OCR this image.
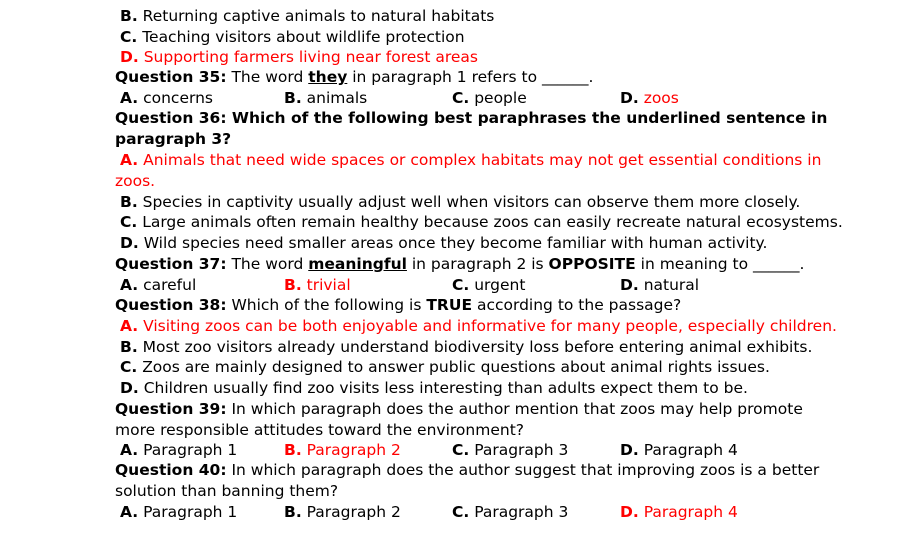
B. Returning captive animals to natural habitats
C. Teaching visitors about wildlife protection
D. Supporting farmers living near forest areas
Question 35: The word they in paragraph 1 refers to ______.
A. concerns	B. animals	C. people	D. zoos
Question 36: Which of the following best paraphrases the underlined sentence in
paragraph 3?
A. Animals that need wide spaces or complex habitats may not get essential conditions in
zoos.
B. Species in captivity usually adjust well when visitors can observe them more closely.
C. Large animals often remain healthy because zoos can easily recreate natural ecosystems.
D. Wild species need smaller areas once they become familiar with human activity.
Question 37: The word meaningful in paragraph 2 is OPPOSITE in meaning to ______.
A. careful	B. trivial	C. urgent	D. natural
Question 38: Which of the following is TRUE according to the passage?
A. Visiting zoos can be both enjoyable and informative for many people, especially children.
B. Most zoo visitors already understand biodiversity loss before entering animal exhibits.
C. Zoos are mainly designed to answer public questions about animal rights issues.
D. Children usually find zoo visits less interesting than adults expect them to be.
Question 39: In which paragraph does the author mention that zoos may help promote
more responsible attitudes toward the environment?
A. Paragraph 1	B. Paragraph 2	C. Paragraph 3	D. Paragraph 4
Question 40: In which paragraph does the author suggest that improving zoos is a better
solution than banning them?
A. Paragraph 1	B. Paragraph 2	C. Paragraph 3	D. Paragraph 4
